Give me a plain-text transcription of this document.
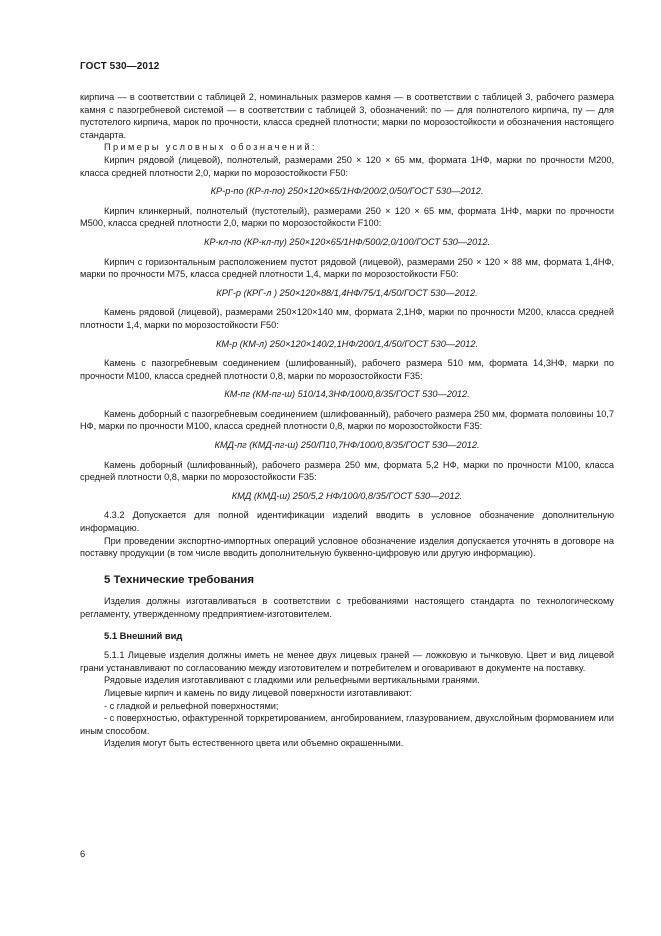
ГОСТ 530—2012

кирпича — в соответствии с таблицей 2, номинальных размеров камня — в соответствии с таблицей 3, рабочего размера камня с пазогребневой системой — в соответствии с таблицей 3, обозначений: по — для полнотелого кирпича, пу — для пустотелого кирпича, марок по прочности, класса средней плотности; марки по морозостойкости и обозначения настоящего стандарта.

Примеры условных обозначений:

Кирпич рядовой (лицевой), полнотелый, размерами 250 × 120 × 65 мм, формата 1НФ, марки по прочности М200, класса средней плотности 2,0, марки по морозостойкости F50:

КР-р-по (КР-л-по) 250×120×65/1НФ/200/2,0/50/ГОСТ 530—2012.

Кирпич клинкерный, полнотелый (пустотелый), размерами 250 × 120 × 65 мм, формата 1НФ, марки по прочности М500, класса средней плотности 2,0, марки по морозостойкости F100:

КР-кл-по (КР-кл-пу) 250×120×65/1НФ/500/2,0/100/ГОСТ 530—2012.

Кирпич с горизонтальным расположением пустот рядовой (лицевой), размерами 250 × 120 × 88 мм, формата 1,4НФ, марки по прочности М75, класса средней плотности 1,4, марки по морозостойкости F50:

КРГ-р (КРГ-л ) 250×120×88/1,4НФ/75/1,4/50/ГОСТ 530—2012.

Камень рядовой (лицевой), размерами 250×120×140 мм, формата 2,1НФ, марки по прочности М200, класса средней плотности 1,4, марки по морозостойкости F50:

КМ-р (КМ-л) 250×120×140/2,1НФ/200/1,4/50/ГОСТ 530—2012.

Камень с пазогребневым соединением (шлифованный), рабочего размера 510 мм, формата 14,3НФ, марки по прочности М100, класса средней плотности 0,8, марки по морозостойкости F35:

КМ-пг (КМ-пг-ш) 510/14,3НФ/100/0,8/35/ГОСТ 530—2012.

Камень доборный с пазогребневым соединением (шлифованный), рабочего размера 250 мм, формата половины 10,7 НФ, марки по прочности М100, класса средней плотности 0,8, марки по морозостойкости F35:

КМД-пг (КМД-пг-ш) 250/П10,7НФ/100/0,8/35/ГОСТ 530—2012.

Камень доборный (шлифованный), рабочего размера 250 мм, формата 5,2 НФ, марки по прочности М100, класса средней плотности 0,8, марки по морозостойкости F35:

КМД (КМД-ш) 250/5,2 НФ/100/0,8/35/ГОСТ 530—2012.

4.3.2 Допускается для полной идентификации изделий вводить в условное обозначение дополнительную информацию.

При проведении экспортно-импортных операций условное обозначение изделия допускается уточнять в договоре на поставку продукции (в том числе вводить дополнительную буквенно-цифровую или другую информацию).

5 Технические требования

Изделия должны изготавливаться в соответствии с требованиями настоящего стандарта по технологическому регламенту, утвержденному предприятием-изготовителем.

5.1 Внешний вид

5.1.1 Лицевые изделия должны иметь не менее двух лицевых граней — ложковую и тычковую. Цвет и вид лицевой грани устанавливают по согласованию между изготовителем и потребителем и оговаривают в документе на поставку.

Рядовые изделия изготавливают с гладкими или рельефными вертикальными гранями.

Лицевые кирпич и камень по виду лицевой поверхности изготавливают:

- с гладкой и рельефной поверхностями;

- с поверхностью, офактуренной торкретированием, ангобированием, глазурованием, двухслойным формованием или иным способом.

Изделия могут быть естественного цвета или объемно окрашенными.

6
